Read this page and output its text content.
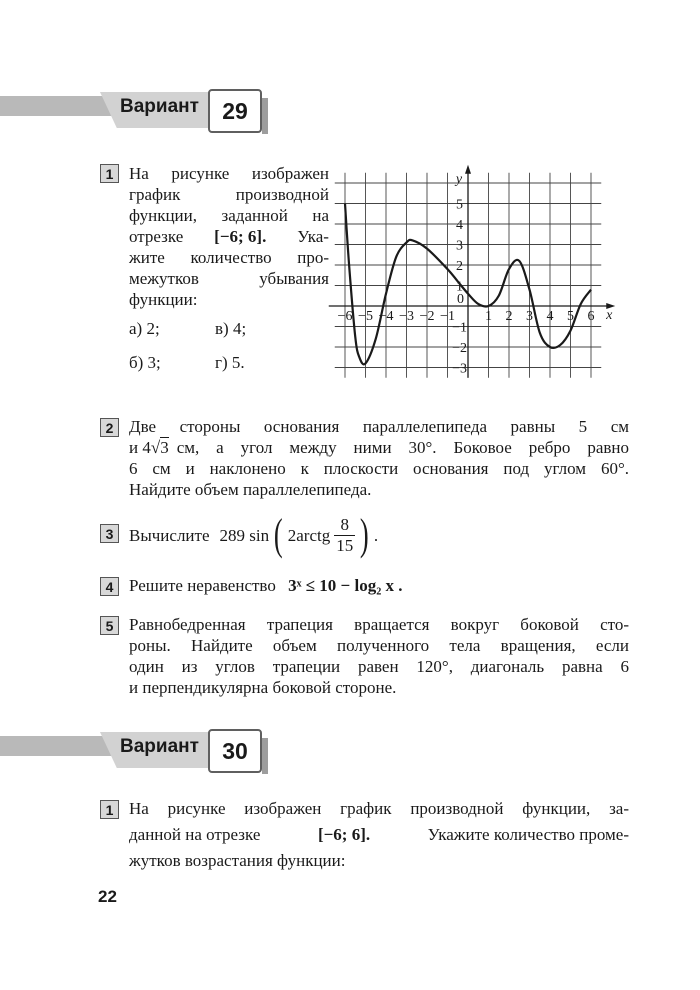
Вариант	29
1 На рисунке изображен
график производной
функции, заданной на
отрезке [−6; 6]. Ука-
жите количество про-
межутков убывания
функции:
а) 2;	в) 4;
б) 3;	г) 5.
−6 −5 −4 −3 −2 −1 1 2 3 4 5 6
5
4
3
2
1
−1
−2
−3
0
x
y
2 Две стороны основания параллелепипеда равны 5 см
и 4√3 см, а угол между ними 30°. Боковое ребро равно
6 см и наклонено к плоскости основания под углом 60°.
Найдите объем параллелепипеда.
3 Вычислите 289 sin ( 2arctg $\frac{8}{15}$ ) .
4 Решите неравенство 3ˣ ≤ 10 − log₂ x .
5 Равнобедренная трапеция вращается вокруг боковой сто-
роны. Найдите объем полученного тела вращения, если
один из углов трапеции равен 120°, диагональ равна 6
и перпендикулярна боковой стороне.
Вариант	30
1 На рисунке изображен график производной функции, за-
данной на отрезке	[−6; 6].	Укажите количество проме-
жутков возрастания функции:
22
